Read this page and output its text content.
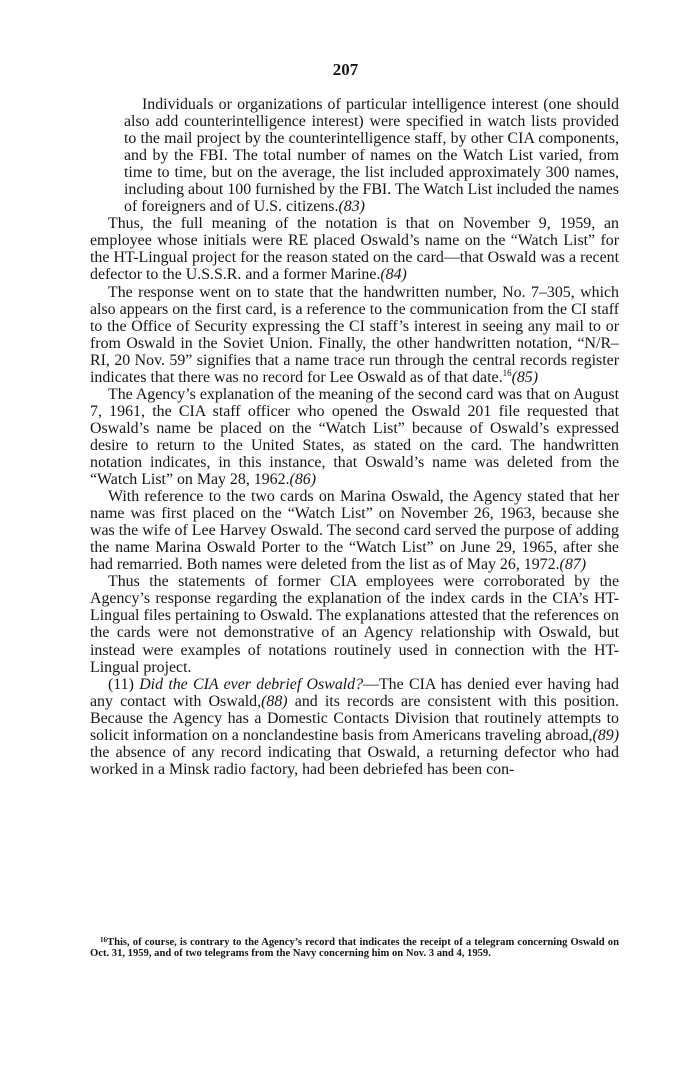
207

Individuals or organizations of particular intelligence interest (one should also add counterintelligence interest) were specified in watch lists provided to the mail project by the counterintelligence staff, by other CIA components, and by the FBI. The total number of names on the Watch List varied, from time to time, but on the average, the list included approximately 300 names, including about 100 furnished by the FBI. The Watch List included the names of foreigners and of U.S. citizens.(83)

Thus, the full meaning of the notation is that on November 9, 1959, an employee whose initials were RE placed Oswald’s name on the “Watch List” for the HT-Lingual project for the reason stated on the card—that Oswald was a recent defector to the U.S.S.R. and a former Marine.(84)

The response went on to state that the handwritten number, No. 7–305, which also appears on the first card, is a reference to the communication from the CI staff to the Office of Security expressing the CI staff’s interest in seeing any mail to or from Oswald in the Soviet Union. Finally, the other handwritten notation, “N/R–RI, 20 Nov. 59” signifies that a name trace run through the central records register indicates that there was no record for Lee Oswald as of that date.$^{16}$(85)

The Agency’s explanation of the meaning of the second card was that on August 7, 1961, the CIA staff officer who opened the Oswald 201 file requested that Oswald’s name be placed on the “Watch List” because of Oswald’s expressed desire to return to the United States, as stated on the card. The handwritten notation indicates, in this instance, that Oswald’s name was deleted from the “Watch List” on May 28, 1962.(86)

With reference to the two cards on Marina Oswald, the Agency stated that her name was first placed on the “Watch List” on November 26, 1963, because she was the wife of Lee Harvey Oswald. The second card served the purpose of adding the name Marina Oswald Porter to the “Watch List” on June 29, 1965, after she had remarried. Both names were deleted from the list as of May 26, 1972.(87)

Thus the statements of former CIA employees were corroborated by the Agency’s response regarding the explanation of the index cards in the CIA’s HT-Lingual files pertaining to Oswald. The explanations attested that the references on the cards were not demonstrative of an Agency relationship with Oswald, but instead were examples of notations routinely used in connection with the HT-Lingual project.

(11) Did the CIA ever debrief Oswald?—The CIA has denied ever having had any contact with Oswald,(88) and its records are consistent with this position. Because the Agency has a Domestic Contacts Division that routinely attempts to solicit information on a nonclandestine basis from Americans traveling abroad,(89) the absence of any record indicating that Oswald, a returning defector who had worked in a Minsk radio factory, had been debriefed has been con-

$^{16}$This, of course, is contrary to the Agency’s record that indicates the receipt of a telegram concerning Oswald on Oct. 31, 1959, and of two telegrams from the Navy concerning him on Nov. 3 and 4, 1959.
